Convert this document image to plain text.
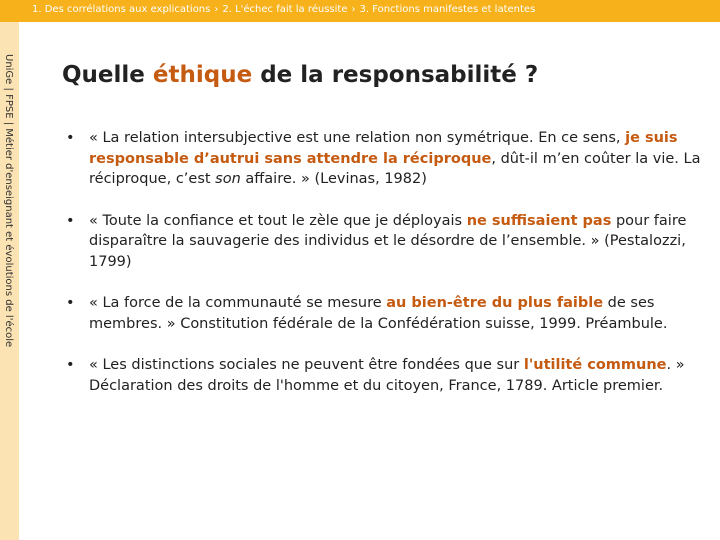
1. Des corrélations aux explications › 2. L'échec fait la réussite › 3. Fonctions manifestes et latentes
UniGe | FPSE | Métier d'enseignant et évolutions de l'école Quelle éthique de la responsabilité ?
• « La relation intersubjective est une relation non symétrique. En ce sens, je suis responsable d’autrui sans attendre la réciproque, dût-il m’en coûter la vie. La réciproque, c’est son affaire. » (Levinas, 1982)
• « Toute la confiance et tout le zèle que je déployais ne suffisaient pas pour faire disparaître la sauvagerie des individus et le désordre de l’ensemble. » (Pestalozzi, 1799)
• « La force de la communauté se mesure au bien-être du plus faible de ses membres. » Constitution fédérale de la Confédération suisse, 1999. Préambule.
• « Les distinctions sociales ne peuvent être fondées que sur l'utilité commune. » Déclaration des droits de l'homme et du citoyen, France, 1789. Article premier.
